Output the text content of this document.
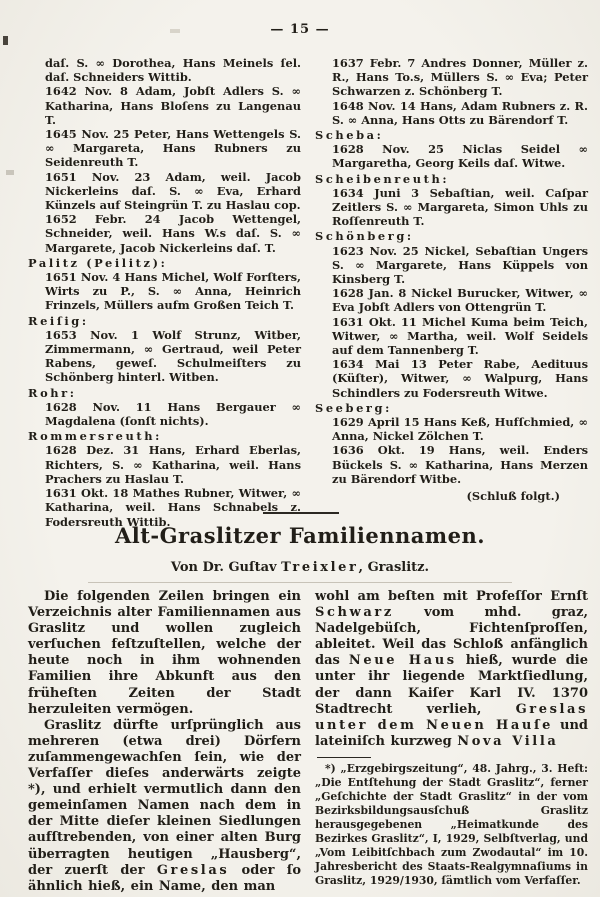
— 15 —
daſ. S. ∞ Dorothea, Hans Meinels ſel. daſ. Schneiders Wittib.
1642 Nov. 8 Adam, Jobſt Adlers S. ∞ Katharina, Hans Bloſens zu Langenau T.
1645 Nov. 25 Peter, Hans Wettengels S. ∞ Margareta, Hans Rubners zu Seidenreuth T.
1651 Nov. 23 Adam, weil. Jacob Nickerleins daſ. S. ∞ Eva, Erhard Künzels auf Steingrün T. zu Haslau cop.
1652 Febr. 24 Jacob Wettengel, Schneider, weil. Hans W.s daſ. S. ∞ Margarete, Jacob Nickerleins daſ. T.
Palitz (Peilitz):
1651 Nov. 4 Hans Michel, Wolf Forſters, Wirts zu P., S. ∞ Anna, Heinrich Frinzels, Müllers aufm Großen Teich T.
Reiſig:
1653 Nov. 1 Wolf Strunz, Witber, Zimmermann, ∞ Gertraud, weil Peter Rabens, geweſ. Schulmeiſters zu Schönberg hinterl. Witben.
Rohr:
1628 Nov. 11 Hans Bergauer ∞ Magdalena (ſonſt nichts).
Rommersreuth:
1628 Dez. 31 Hans, Erhard Eberlas, Richters, S. ∞ Katharina, weil. Hans Prachers zu Haslau T.
1631 Okt. 18 Mathes Rubner, Witwer, ∞ Katharina, weil. Hans Schnabels z. Fodersreuth Wittib.
1637 Febr. 7 Andres Donner, Müller z. R., Hans To.s, Müllers S. ∞ Eva; Peter Schwarzen z. Schönberg T.
1648 Nov. 14 Hans, Adam Rubners z. R. S. ∞ Anna, Hans Otts zu Bärendorf T.
Scheba:
1628 Nov. 25 Niclas Seidel ∞ Margaretha, Georg Keils daſ. Witwe.
Scheibenreuth:
1634 Juni 3 Sebaſtian, weil. Caſpar Zeitlers S. ∞ Margareta, Simon Uhls zu Roſſenreuth T.
Schönberg:
1623 Nov. 25 Nickel, Sebaſtian Ungers S. ∞ Margarete, Hans Küppels von Kinsberg T.
1628 Jan. 8 Nickel Burucker, Witwer, ∞ Eva Jobſt Adlers von Ottengrün T.
1631 Okt. 11 Michel Kuma beim Teich, Witwer, ∞ Martha, weil. Wolf Seidels auf dem Tannenberg T.
1634 Mai 13 Peter Rabe, Aedituus (Küſter), Witwer, ∞ Walpurg, Hans Schindlers zu Fodersreuth Witwe.
Seeberg:
1629 April 15 Hans Keß, Hufſchmied, ∞ Anna, Nickel Zölchen T.
1636 Okt. 19 Hans, weil. Enders Bückels S. ∞ Katharina, Hans Merzen zu Bärendorf Witbe.
(Schluß folgt.)
Alt-Graslitzer Familiennamen.
Von Dr. Guſtav Treixler, Graslitz.

Die folgenden Zeilen bringen ein Verzeichnis alter Familiennamen aus Graslitz und wollen zugleich verſuchen feſtzuſtellen, welche der heute noch in ihm wohnenden Familien ihre Abkunft aus den früheſten Zeiten der Stadt herzuleiten vermögen.

Graslitz dürfte urſprünglich aus mehreren (etwa drei) Dörfern zuſammengewachſen ſein, wie der Verfaſſer dieſes anderwärts zeigte *), und erhielt vermutlich dann den gemeinſamen Namen nach dem in der Mitte dieſer kleinen Siedlungen aufſtrebenden, von einer alten Burg überragten heutigen „Hausberg“, der zuerſt der Greslas oder ſo ähnlich hieß, ein Name, den man

wohl am beſten mit Profeſſor Ernſt Schwarz vom mhd. graz, Nadelgebüſch, Fichtenſproſſen, ableitet. Weil das Schloß anfänglich das Neue Haus hieß, wurde die unter ihr liegende Marktſiedlung, der dann Kaiſer Karl IV. 1370 Stadtrecht verlieh, Greslas unter dem Neuen Hauſe und lateiniſch kurzweg Nova Villa

*) „Erzgebirgszeitung“, 48. Jahrg., 3. Heft: „Die Entſtehung der Stadt Graslitz“, ferner „Geſchichte der Stadt Graslitz“ in der vom Bezirksbildungsausſchuß Graslitz herausgegebenen „Heimatkunde des Bezirkes Graslitz“, I, 1929, Selbſtverlag, und „Vom Leibitſchbach zum Zwodautal“ im 10. Jahresbericht des Staats-Realgymnaſiums in Graslitz, 1929/1930, ſämtlich vom Verfaſſer.
